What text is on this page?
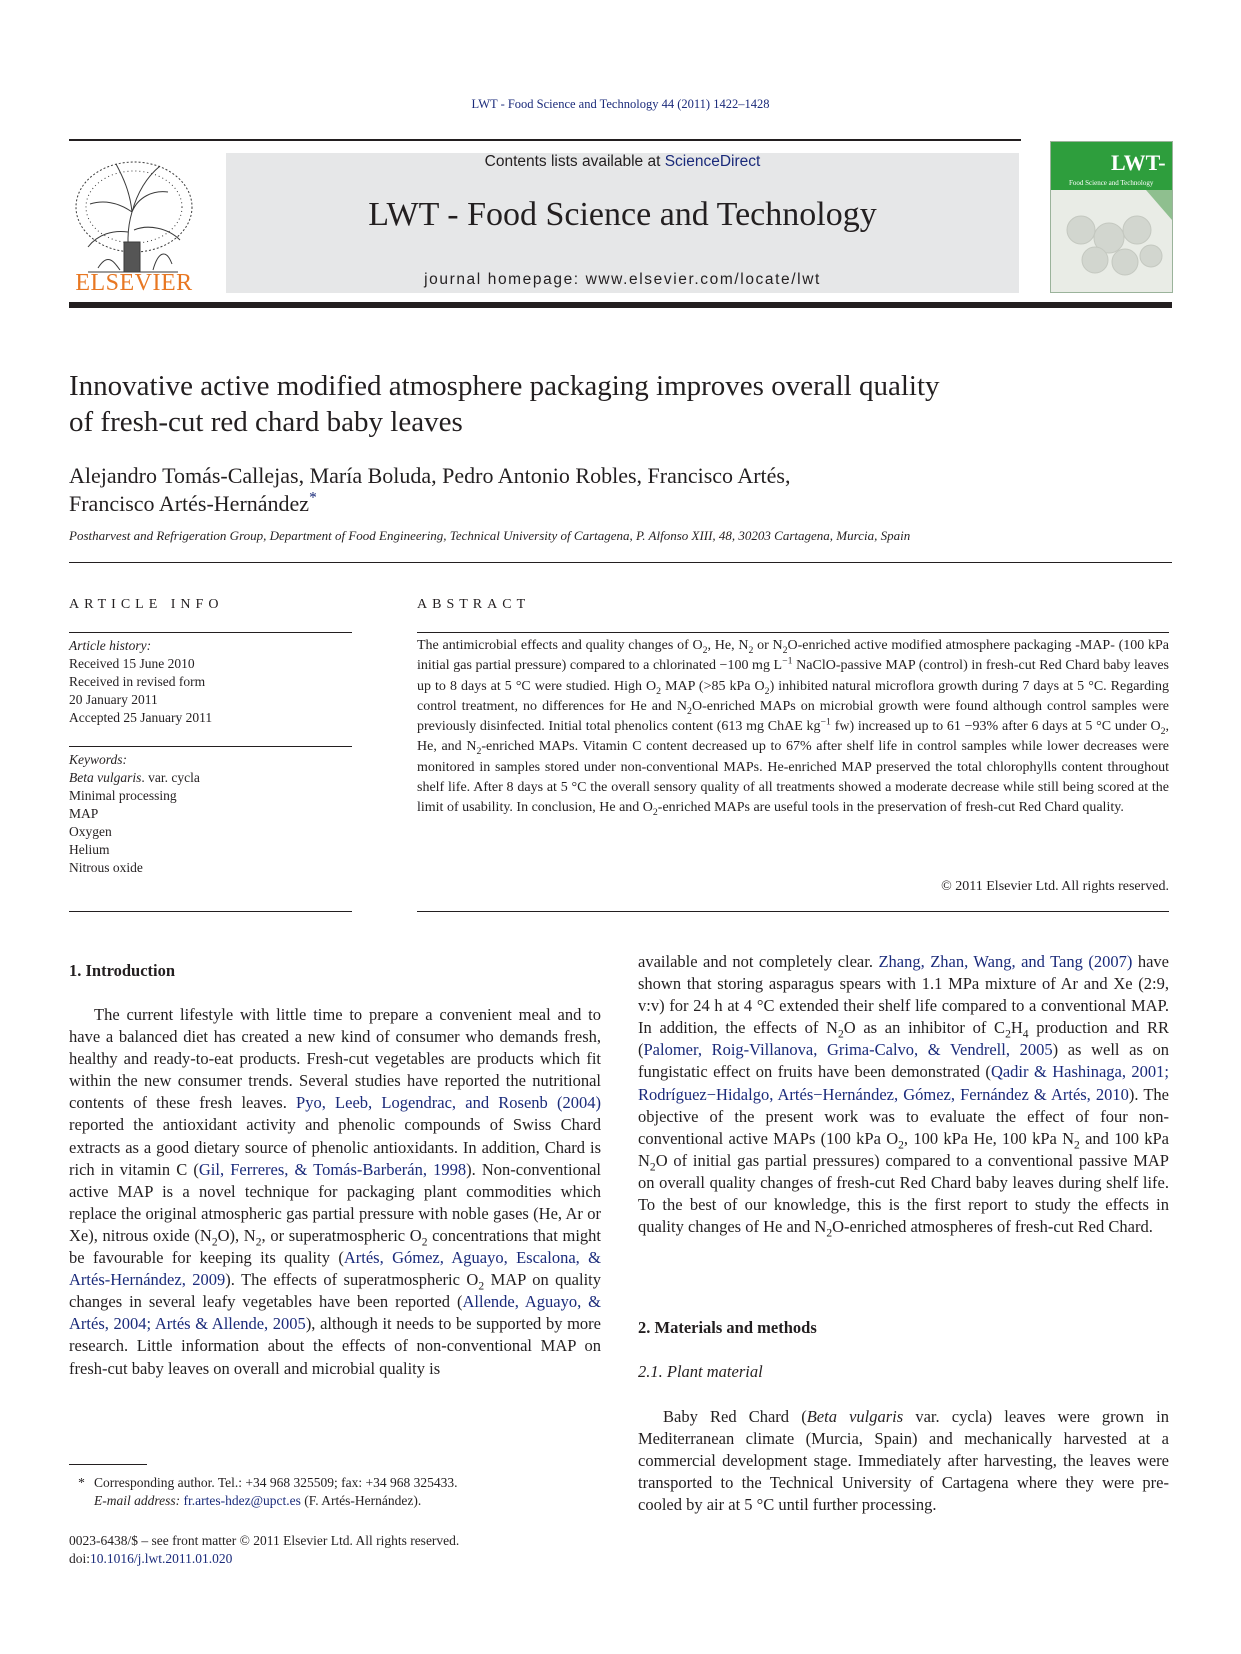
LWT - Food Science and Technology 44 (2011) 1422–1428
ELSEVIER
Contents lists available at ScienceDirect
LWT - Food Science and Technology
journal homepage: www.elsevier.com/locate/lwt
LWT-
Food Science and Technology
Innovative active modified atmosphere packaging improves overall quality
of fresh-cut red chard baby leaves
Alejandro Tomás-Callejas, María Boluda, Pedro Antonio Robles, Francisco Artés,
Francisco Artés-Hernández*
Postharvest and Refrigeration Group, Department of Food Engineering, Technical University of Cartagena, P. Alfonso XIII, 48, 30203 Cartagena, Murcia, Spain
ARTICLE INFO
Article history:
Received 15 June 2010
Received in revised form
20 January 2011
Accepted 25 January 2011
Keywords:
Beta vulgaris. var. cycla
Minimal processing
MAP
Oxygen
Helium
Nitrous oxide
ABSTRACT
The antimicrobial effects and quality changes of $O_2$, He, $N_2$ or $N_2O$-enriched active modified atmosphere packaging -MAP- (100 kPa initial gas partial pressure) compared to a chlorinated −100 mg $L^{-1}$ NaClO-passive MAP (control) in fresh-cut Red Chard baby leaves up to 8 days at 5 °C were studied. High $O_2$ MAP (>85 kPa $O_2$) inhibited natural microflora growth during 7 days at 5 °C. Regarding control treatment, no differences for He and $N_2O$-enriched MAPs on microbial growth were found although control samples were previously disinfected. Initial total phenolics content (613 mg ChAE $kg^{-1}$ fw) increased up to 61 −93% after 6 days at 5 °C under $O_2$, He, and $N_2$-enriched MAPs. Vitamin C content decreased up to 67% after shelf life in control samples while lower decreases were monitored in samples stored under non-conventional MAPs. He-enriched MAP preserved the total chlorophylls content throughout shelf life. After 8 days at 5 °C the overall sensory quality of all treatments showed a moderate decrease while still being scored at the limit of usability. In conclusion, He and $O_2$-enriched MAPs are useful tools in the preservation of fresh-cut Red Chard quality.
© 2011 Elsevier Ltd. All rights reserved.
1. Introduction
The current lifestyle with little time to prepare a convenient meal and to have a balanced diet has created a new kind of consumer who demands fresh, healthy and ready-to-eat products. Fresh-cut vegetables are products which fit within the new consumer trends. Several studies have reported the nutritional contents of these fresh leaves. Pyo, Leeb, Logendrac, and Rosenb (2004) reported the antioxidant activity and phenolic compounds of Swiss Chard extracts as a good dietary source of phenolic antioxidants. In addition, Chard is rich in vitamin C (Gil, Ferreres, & Tomás-Barberán, 1998). Non-conventional active MAP is a novel technique for packaging plant commodities which replace the original atmospheric gas partial pressure with noble gases (He, Ar or Xe), nitrous oxide $(N_2O)$, $N_2$, or superatmospheric $O_2$ concentrations that might be favourable for keeping its quality (Artés, Gómez, Aguayo, Escalona, & Artés-Hernández, 2009). The effects of superatmospheric $O_2$ MAP on quality changes in several leafy vegetables have been reported (Allende, Aguayo, & Artés, 2004; Artés & Allende, 2005), although it needs to be supported by more research. Little information about the effects of non-conventional MAP on fresh-cut baby leaves on overall and microbial quality is
available and not completely clear. Zhang, Zhan, Wang, and Tang (2007) have shown that storing asparagus spears with 1.1 MPa mixture of Ar and Xe (2:9, v:v) for 24 h at 4 °C extended their shelf life compared to a conventional MAP. In addition, the effects of $N_2O$ as an inhibitor of $C_2H_4$ production and RR (Palomer, Roig-Villanova, Grima-Calvo, & Vendrell, 2005) as well as on fungistatic effect on fruits have been demonstrated (Qadir & Hashinaga, 2001; Rodríguez−Hidalgo, Artés−Hernández, Gómez, Fernández & Artés, 2010). The objective of the present work was to evaluate the effect of four non-conventional active MAPs (100 kPa $O_2$, 100 kPa He, 100 kPa $N_2$ and 100 kPa $N_2O$ of initial gas partial pressures) compared to a conventional passive MAP on overall quality changes of fresh-cut Red Chard baby leaves during shelf life. To the best of our knowledge, this is the first report to study the effects in quality changes of He and $N_2O$-enriched atmospheres of fresh-cut Red Chard.
2. Materials and methods
2.1. Plant material
Baby Red Chard (Beta vulgaris var. cycla) leaves were grown in Mediterranean climate (Murcia, Spain) and mechanically harvested at a commercial development stage. Immediately after harvesting, the leaves were transported to the Technical University of Cartagena where they were pre-cooled by air at 5 °C until further processing.
* Corresponding author. Tel.: +34 968 325509; fax: +34 968 325433.
E-mail address: fr.artes-hdez@upct.es (F. Artés-Hernández).
0023-6438/$ – see front matter © 2011 Elsevier Ltd. All rights reserved.
doi:10.1016/j.lwt.2011.01.020
